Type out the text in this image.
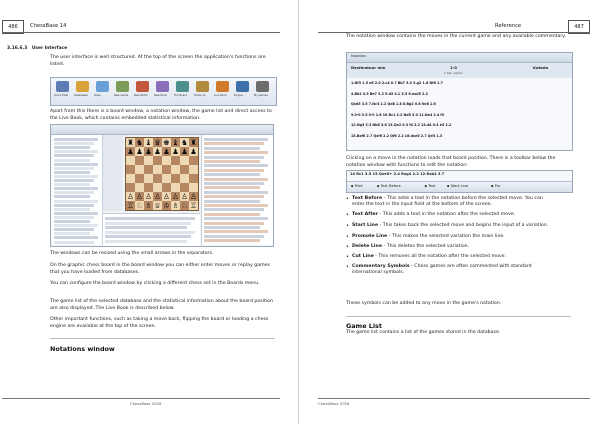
486	ChessBase 14
3.16.6.3 User Interface
The user interface is well structured. At the top of the screen the application's functions are listed.
Quick PGN Databases Open	New Game New Batch New Book	Flip Board	Trade Up	Live Book	Engine	My Games
Apart from this there is a board window, a notation window, the game list and direct access to the Live Book, which contains embedded statistical information.
♜ ♞ ♝ ♛ ♚ ♝ ♞ ♜
♟ ♟ ♟ ♟ ♟ ♟ ♟ ♟
♙ ♙ ♙ ♙ ♙ ♙ ♙ ♙
♖ ♘ ♗ ♕ ♔ ♗ ♘ ♖
The windows can be resized using the small arrows in the separators.
On the graphic chess board in the board window you can either enter moves or replay games that you have loaded from databases.
You can configure the board window by clicking a different chess set in the Boards menu.
The game list of the selected database and the statistical information about the board position are also displayed. The Live Book is described below.
Other important functions, such as taking a move back, flipping the board or loading a chess engine are available at the top of the screen.
Notations window
ChessBase 2016
Reference	487
The notation window contains the moves in the current game and any available commentary.
Notation
Desfmatour min	1-0	Kotada
2 kat. sijited
1.Nf3 1.5 e6 2.0 2.c4 0.7 Bb7 3.0 3.g2 1.6 Nf6 1.7
4.Bb2 0.5 Be7 3.2 5.d3 0.1 3.5 6.exd5 2.2
Qxd5 3.5 7.Nc3 2.2 Qd8 1.8 8.Bg2 0.8 Nc6 1.6
9.0-0 3.5 0-0 1.6 10.Rc1 3.2 Nd5 3.0 11.Ne4 2.4 f5
12.Ng3 3.3 Nb6 3.6 13.Qe2 0.3 f4 2.2 14.d4 0.4 e5 2.2
15.Bxf6 2.7 Qxf6 2.2 Qf6 2.2 16.dxe5 2.7 Qe5 1.3
Clicking on a move in the notation loads that board position. There is a toolbar below the notation window with functions to edit the notation:
14 Rc1 3.5 15.Qxe5+ 2.4 Rxg4 2.2 12.Rxb2 3.7
▪ Print	▪ Text Before	▪ Text	▪ Start Line	▪ Pro
• Text Before - This adds a text in the notation before the selected move. You can enter the text in the input field at the bottom of the screen.
• Text After - This adds a text in the notation after the selected move.
• Start Line - This takes back the selected move and begins the input of a variation.
• Promote Line - This makes the selected variation the main line.
• Delete Line - This deletes the selected variation.
• Cut Line - This removes all the notation after the selected move.
• Commentary Symbols - Chess games are often commented with standard international symbols.
These symbols can be added to any move in the game's notation.
Game List
The game list contains a list of the games stored in the database.
ChessBase 2016
